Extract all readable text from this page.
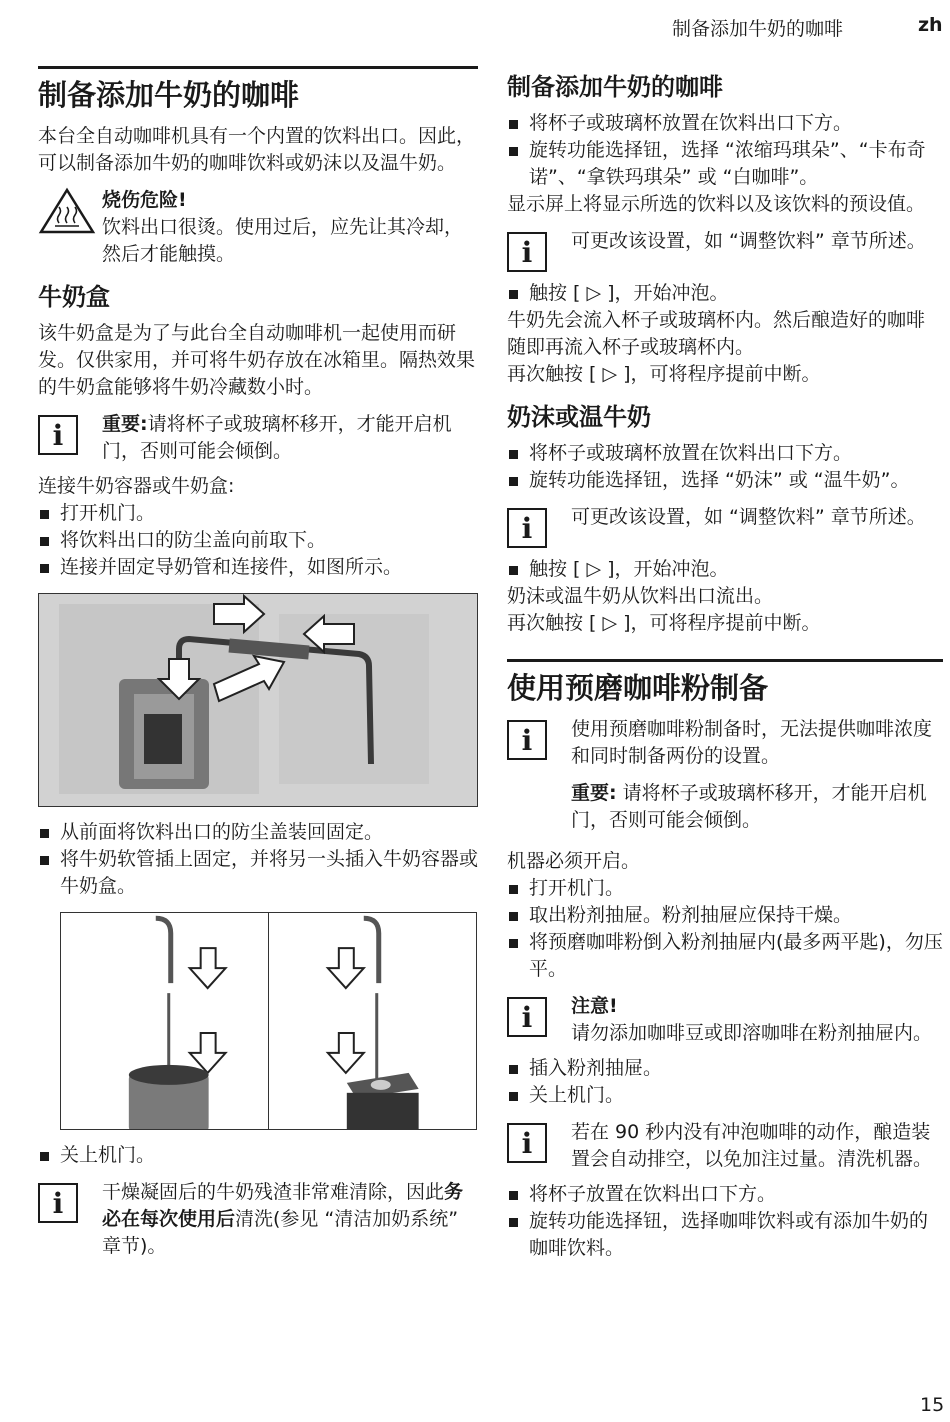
制备添加牛奶的咖啡	zh
制备添加牛奶的咖啡

本台全自动咖啡机具有一个内置的饮料出口。因此，可以制备添加牛奶的咖啡饮料或奶沫以及温牛奶。

烧伤危险!

饮料出口很烫。使用过后，应先让其冷却，然后才能触摸。

牛奶盒

该牛奶盒是为了与此台全自动咖啡机一起使用而研发。仅供家用，并可将牛奶存放在冰箱里。隔热效果的牛奶盒能够将牛奶冷藏数小时。

i	重要:请将杯子或玻璃杯移开，才能开启机门，否则可能会倾倒。

连接牛奶容器或牛奶盒:

打开机门。
将饮料出口的防尘盖向前取下。
连接并固定导奶管和连接件，如图所示。
从前面将饮料出口的防尘盖装回固定。
将牛奶软管插上固定，并将另一头插入牛奶容器或牛奶盒。
关上机门。
i	干燥凝固后的牛奶残渣非常难清除，因此务必在每次使用后清洗(参见 “清洁加奶系统” 章节)。

制备添加牛奶的咖啡
将杯子或玻璃杯放置在饮料出口下方。
旋转功能选择钮，选择 “浓缩玛琪朵”、“卡布奇诺”、“拿铁玛琪朵” 或 “白咖啡”。

显示屏上将显示所选的饮料以及该饮料的预设值。

i	可更改该设置，如 “调整饮料” 章节所述。

触按 [ ▷ ]，开始冲泡。

牛奶先会流入杯子或玻璃杯内。然后酿造好的咖啡随即再流入杯子或玻璃杯内。

再次触按 [ ▷ ]，可将程序提前中断。

奶沫或温牛奶
将杯子或玻璃杯放置在饮料出口下方。
旋转功能选择钮，选择 “奶沫” 或 “温牛奶”。
i	可更改该设置，如 “调整饮料” 章节所述。

触按 [ ▷ ]，开始冲泡。

奶沫或温牛奶从饮料出口流出。

再次触按 [ ▷ ]，可将程序提前中断。

使用预磨咖啡粉制备
i	使用预磨咖啡粉制备时，无法提供咖啡浓度和同时制备两份的设置。

重要: 请将杯子或玻璃杯移开，才能开启机门，否则可能会倾倒。

机器必须开启。

打开机门。
取出粉剂抽屉。粉剂抽屉应保持干燥。
将预磨咖啡粉倒入粉剂抽屉内(最多两平匙)，勿压平。
i	注意!

请勿添加咖啡豆或即溶咖啡在粉剂抽屉内。

插入粉剂抽屉。
关上机门。
i	若在 90 秒内没有冲泡咖啡的动作，酿造装置会自动排空，以免加注过量。清洗机器。

将杯子放置在饮料出口下方。
旋转功能选择钮，选择咖啡饮料或有添加牛奶的咖啡饮料。
15
